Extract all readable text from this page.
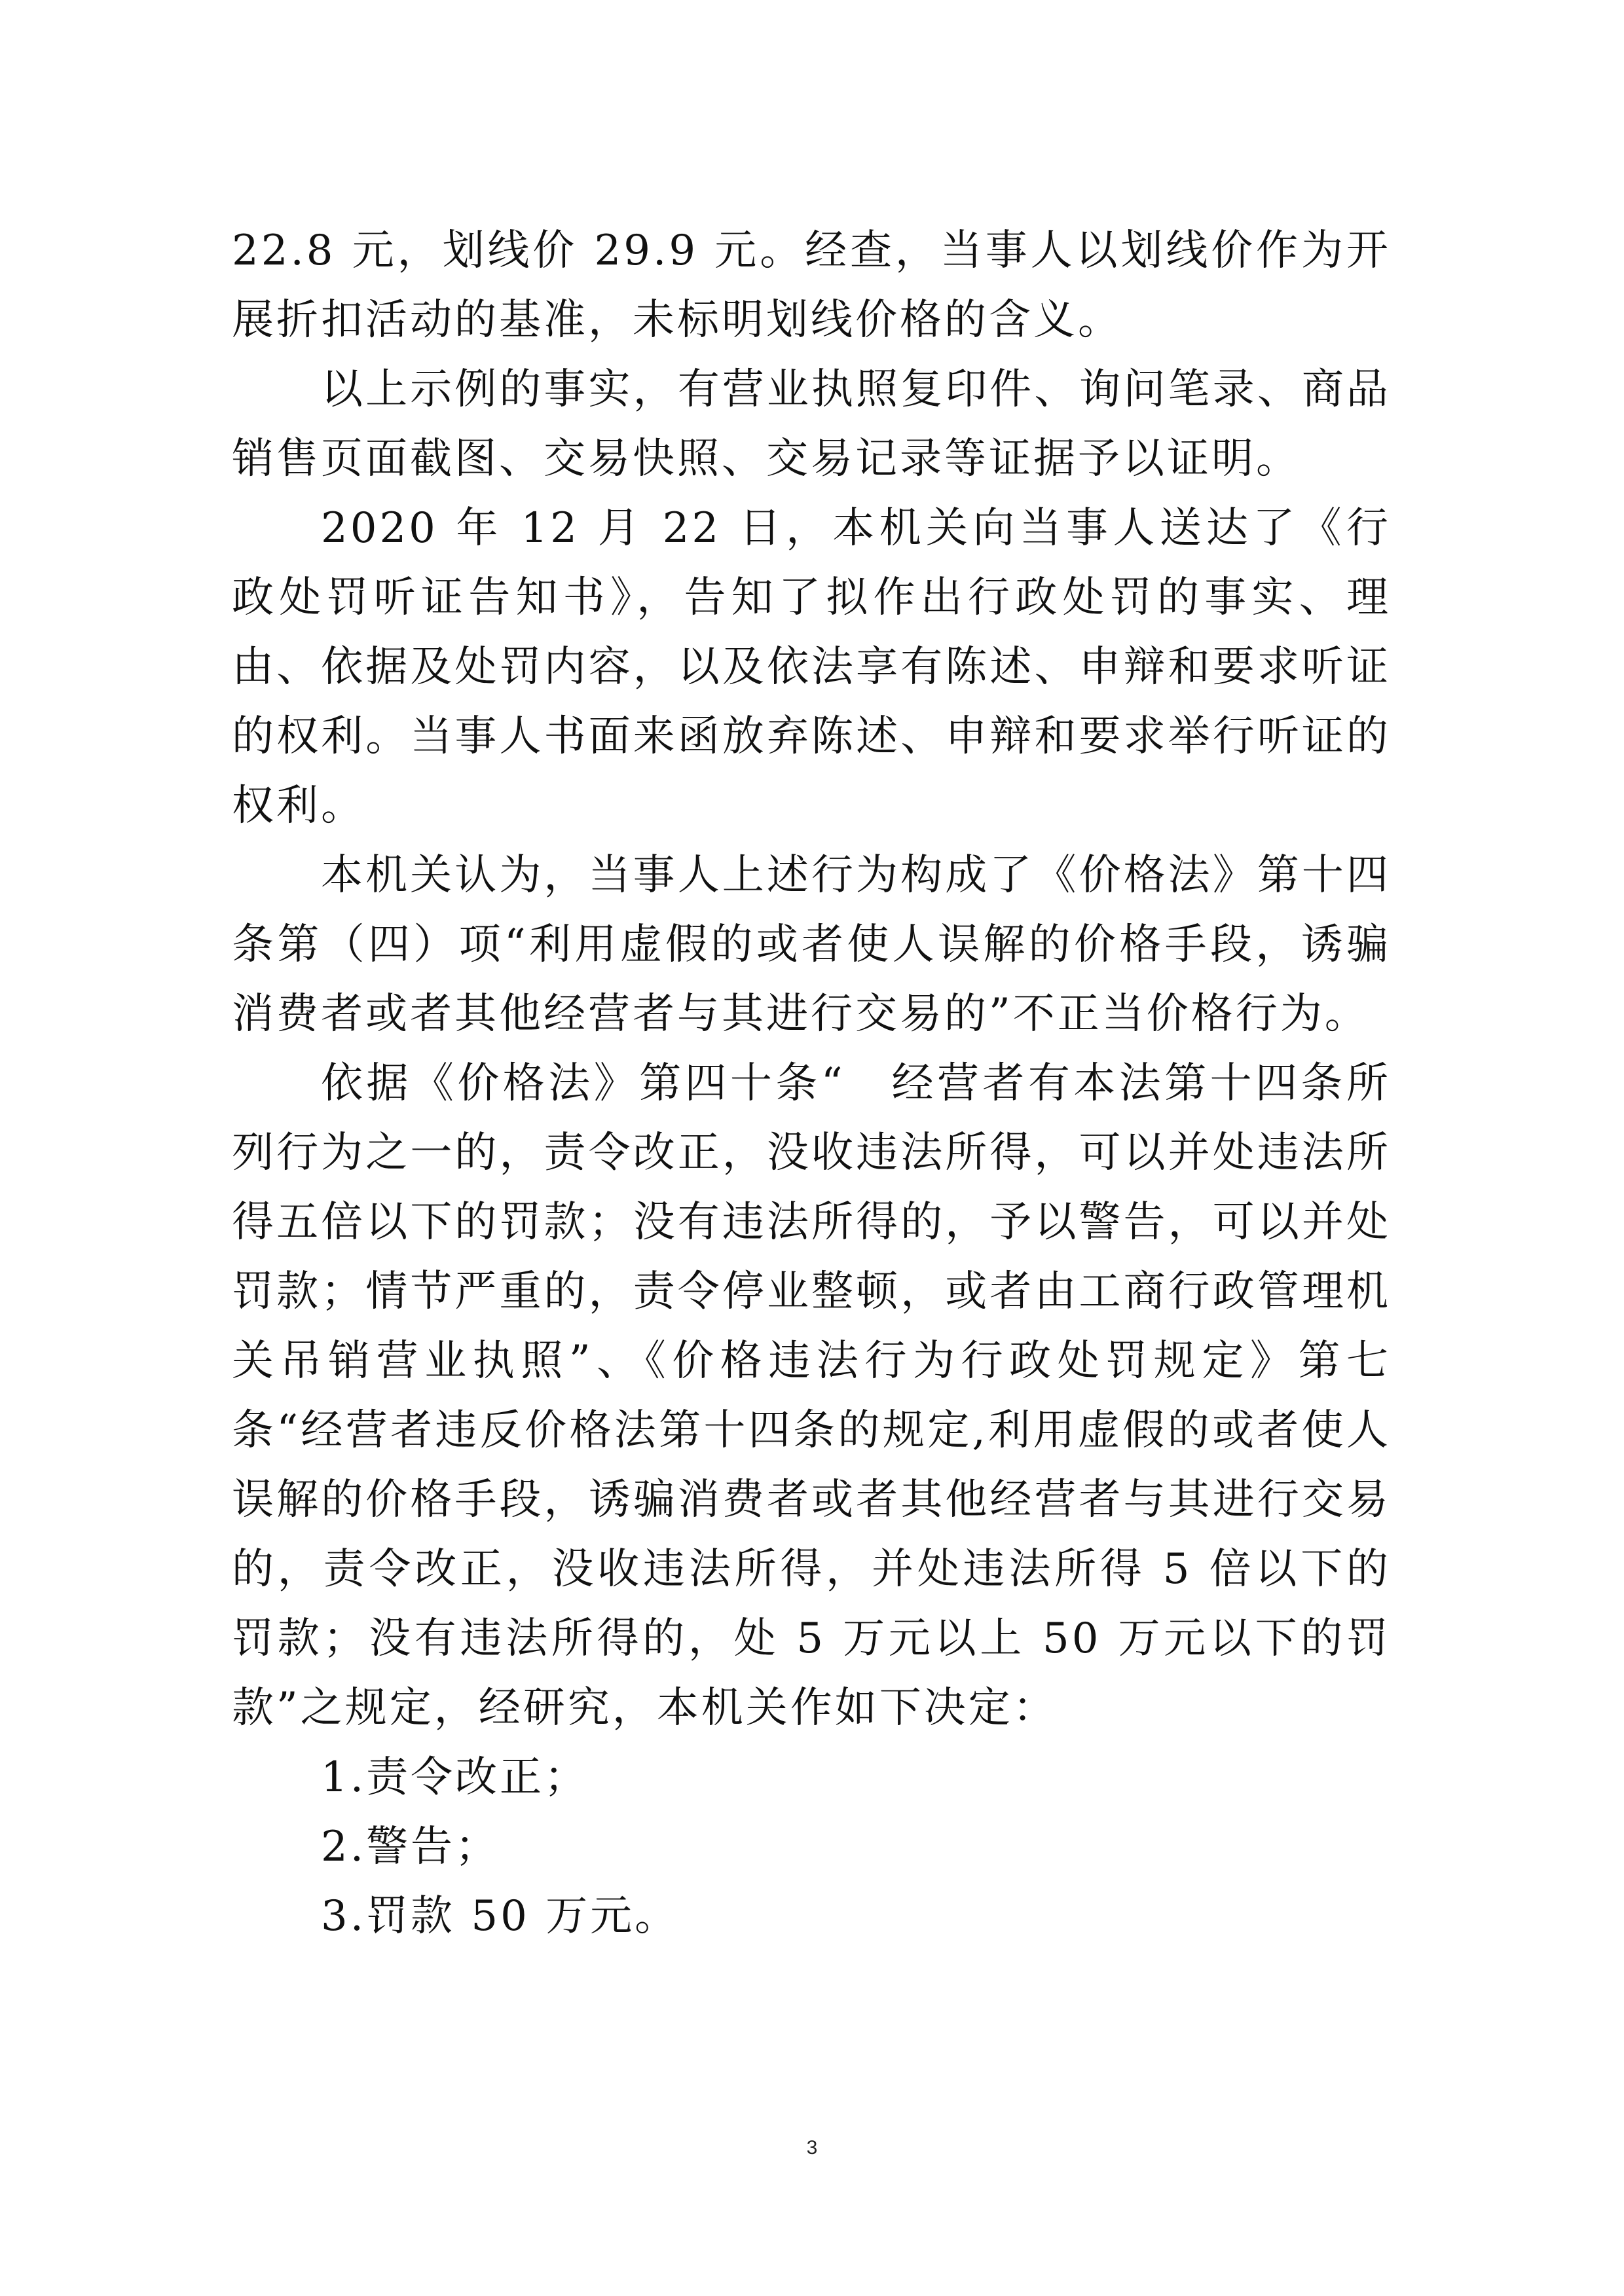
22.8 元，划线价 29.9 元。经查，当事人以划线价作为开展折扣活动的基准，未标明划线价格的含义。

以上示例的事实，有营业执照复印件、询问笔录、商品销售页面截图、交易快照、交易记录等证据予以证明。

2020 年 12 月 22 日，本机关向当事人送达了《行政处罚听证告知书》，告知了拟作出行政处罚的事实、理由、依据及处罚内容，以及依法享有陈述、申辩和要求听证的权利。当事人书面来函放弃陈述、申辩和要求举行听证的权利。

本机关认为，当事人上述行为构成了《价格法》第十四条第（四）项“利用虚假的或者使人误解的价格手段，诱骗消费者或者其他经营者与其进行交易的”不正当价格行为。

依据《价格法》第四十条“　经营者有本法第十四条所列行为之一的，责令改正，没收违法所得，可以并处违法所得五倍以下的罚款；没有违法所得的，予以警告，可以并处罚款；情节严重的，责令停业整顿，或者由工商行政管理机关吊销营业执照”、《价格违法行为行政处罚规定》第七条“经营者违反价格法第十四条的规定,利用虚假的或者使人误解的价格手段，诱骗消费者或者其他经营者与其进行交易的，责令改正，没收违法所得，并处违法所得 5 倍以下的罚款；没有违法所得的，处 5 万元以上 50 万元以下的罚款”之规定，经研究，本机关作如下决定：

1.责令改正；

2.警告；

3.罚款 50 万元。

3
